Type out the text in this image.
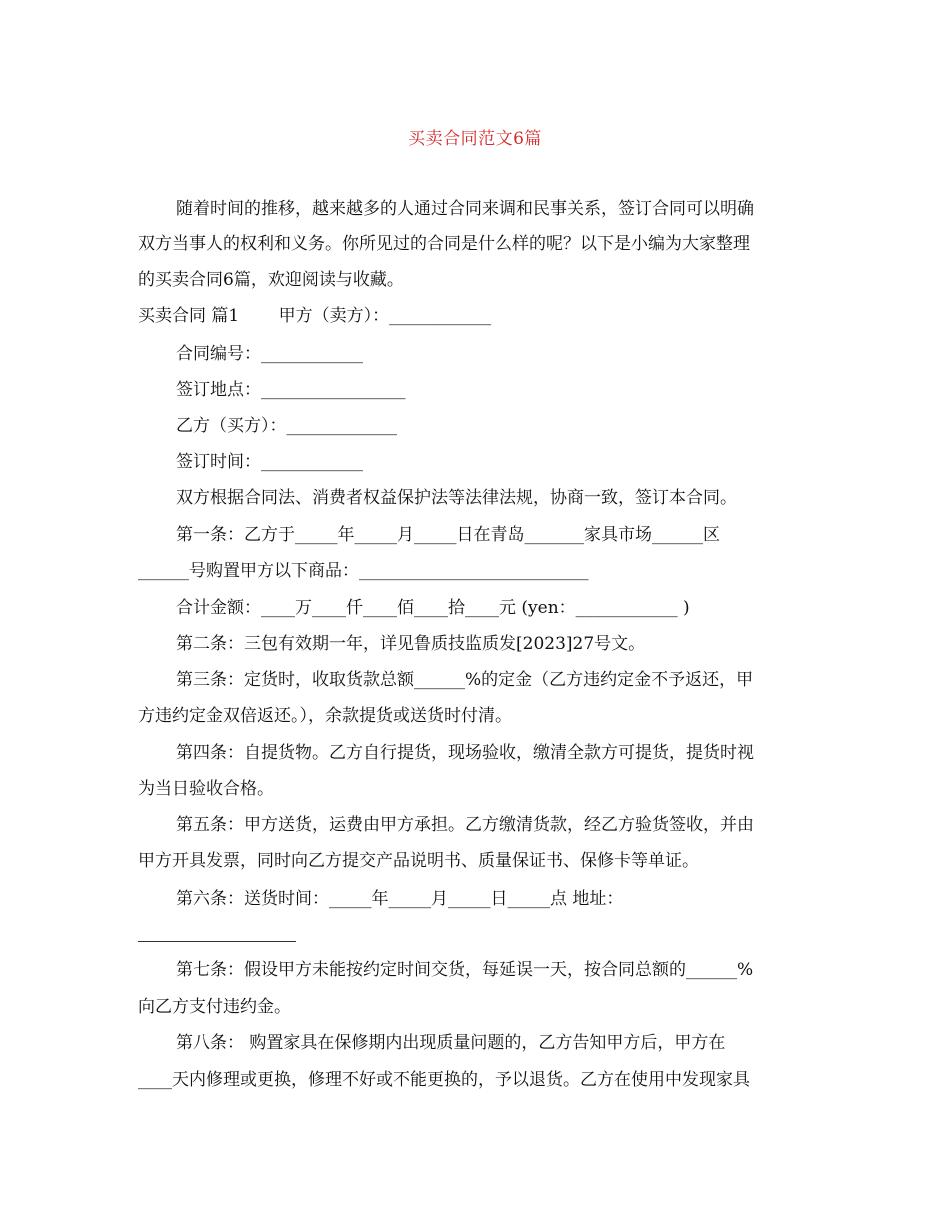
买卖合同范文6篇
随着时间的推移，越来越多的人通过合同来调和民事关系，签订合同可以明确
双方当事人的权利和义务。你所见过的合同是什么样的呢？以下是小编为大家整理
的买卖合同6篇，欢迎阅读与收藏。
买卖合同 篇1　　 甲方（卖方）：____________
合同编号：____________
签订地点：_________________
乙方（买方）：_____________
签订时间：____________
双方根据合同法、消费者权益保护法等法律法规，协商一致，签订本合同。
第一条：乙方于_____年_____月_____日在青岛_______家具市场______区
______号购置甲方以下商品：___________________________
合计金额：____万____仟____佰____拾____元 (yen：____________ )
第二条：三包有效期一年，详见鲁质技监质发[2023]27号文。
第三条：定货时，收取货款总额______%的定金（乙方违约定金不予返还，甲
方违约定金双倍返还。），余款提货或送货时付清。
第四条：自提货物。乙方自行提货，现场验收，缴清全款方可提货，提货时视
为当日验收合格。
第五条：甲方送货，运费由甲方承担。乙方缴清货款，经乙方验货签收，并由
甲方开具发票，同时向乙方提交产品说明书、质量保证书、保修卡等单证。
第六条：送货时间：_____年_____月_____日_____点 地址：
第七条：假设甲方未能按约定时间交货，每延误一天，按合同总额的______%
向乙方支付违约金。
第八条： 购置家具在保修期内出现质量问题的，乙方告知甲方后，甲方在
____天内修理或更换，修理不好或不能更换的，予以退货。乙方在使用中发现家具
